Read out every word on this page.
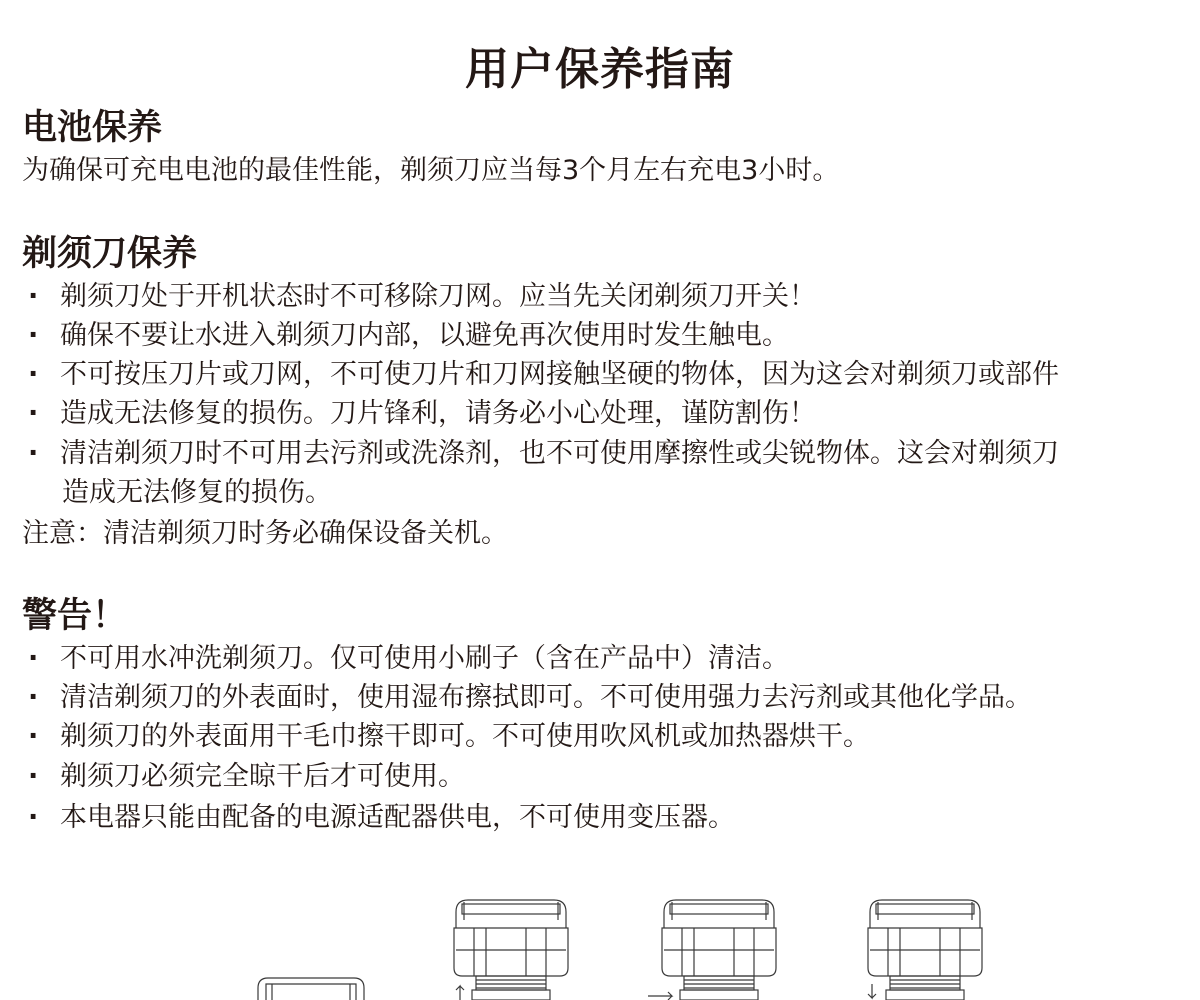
用户保养指南
电池保养
为确保可充电电池的最佳性能，剃须刀应当每3个月左右充电3小时。
剃须刀保养
· 剃须刀处于开机状态时不可移除刀网。应当先关闭剃须刀开关！
· 确保不要让水进入剃须刀内部，以避免再次使用时发生触电。
· 不可按压刀片或刀网，不可使刀片和刀网接触坚硬的物体，因为这会对剃须刀或部件
· 造成无法修复的损伤。刀片锋利，请务必小心处理，谨防割伤！
· 清洁剃须刀时不可用去污剂或洗涤剂，也不可使用摩擦性或尖锐物体。这会对剃须刀
造成无法修复的损伤。
注意：清洁剃须刀时务必确保设备关机。
警告！
· 不可用水冲洗剃须刀。仅可使用小刷子（含在产品中）清洁。
· 清洁剃须刀的外表面时，使用湿布擦拭即可。不可使用强力去污剂或其他化学品。
· 剃须刀的外表面用干毛巾擦干即可。不可使用吹风机或加热器烘干。
· 剃须刀必须完全晾干后才可使用。
· 本电器只能由配备的电源适配器供电，不可使用变压器。
